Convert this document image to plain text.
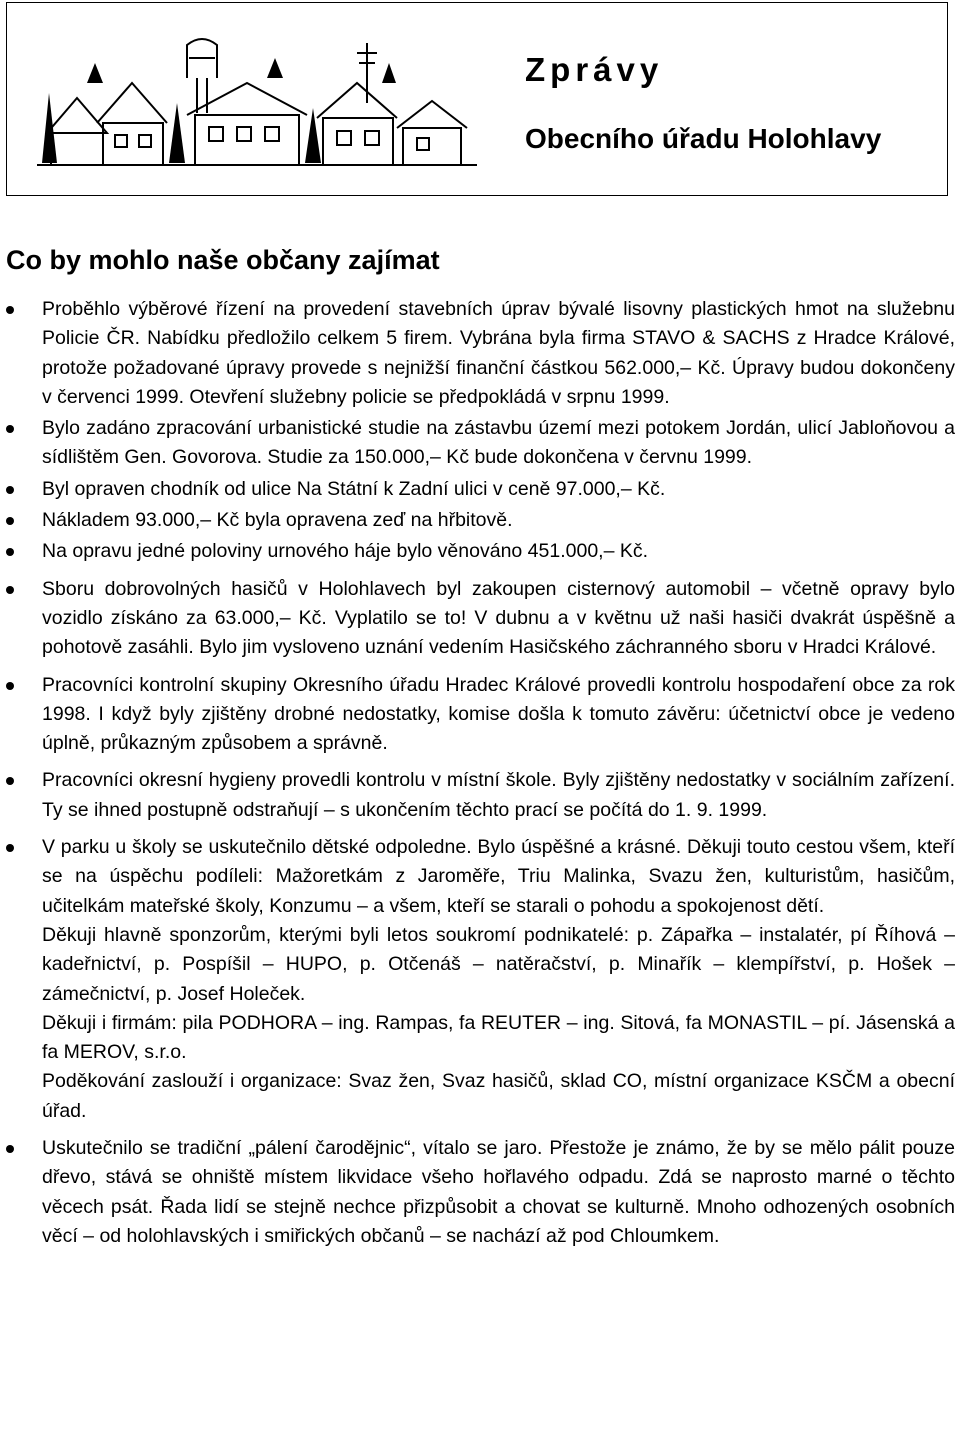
Zprávy
Obecního úřadu Holohlavy
Co by mohlo naše občany zajímat

Proběhlo výběrové řízení na provedení stavebních úprav bývalé lisovny plastických hmot na služebnu Policie ČR. Nabídku předložilo celkem 5 firem. Vybrána byla firma STAVO & SACHS z Hradce Králové, protože požadované úpravy provede s nejnižší finanční částkou 562.000,– Kč. Úpravy budou dokončeny v červenci 1999. Otevření služebny policie se předpokládá v srpnu 1999.

Bylo zadáno zpracování urbanistické studie na zástavbu území mezi potokem Jordán, ulicí Jabloňovou a sídlištěm Gen. Govorova. Studie za 150.000,– Kč bude dokončena v červnu 1999.

Byl opraven chodník od ulice Na Státní k Zadní ulici v ceně 97.000,– Kč.

Nákladem 93.000,– Kč byla opravena zeď na hřbitově.

Na opravu jedné poloviny urnového háje bylo věnováno 451.000,– Kč.

Sboru dobrovolných hasičů v Holohlavech byl zakoupen cisternový automobil – včetně opravy bylo vozidlo získáno za 63.000,– Kč. Vyplatilo se to! V dubnu a v květnu už naši hasiči dvakrát úspěšně a pohotově zasáhli. Bylo jim vysloveno uznání vedením Hasičského záchranného sboru v Hradci Králové.

Pracovníci kontrolní skupiny Okresního úřadu Hradec Králové provedli kontrolu hospodaření obce za rok 1998. I když byly zjištěny drobné nedostatky, komise došla k tomuto závěru: účetnictví obce je vedeno úplně, průkazným způsobem a správně.

Pracovníci okresní hygieny provedli kontrolu v místní škole. Byly zjištěny nedostatky v sociálním zařízení. Ty se ihned postupně odstraňují – s ukončením těchto prací se počítá do 1. 9. 1999.

V parku u školy se uskutečnilo dětské odpoledne. Bylo úspěšné a krásné. Děkuji touto cestou všem, kteří se na úspěchu podíleli: Mažoretkám z Jaroměře, Triu Malinka, Svazu žen, kulturistům, hasičům, učitelkám mateřské školy, Konzumu – a všem, kteří se starali o pohodu a spokojenost dětí.

Děkuji hlavně sponzorům, kterými byli letos soukromí podnikatelé: p. Zápařka – instalatér, pí Říhová – kadeřnictví, p. Pospíšil – HUPO, p. Otčenáš – natěračství, p. Minařík – klempířství, p. Hošek – zámečnictví, p. Josef Holeček.

Děkuji i firmám: pila PODHORA – ing. Rampas, fa REUTER – ing. Sitová, fa MONASTIL – pí. Jásenská a fa MEROV, s.r.o.

Poděkování zaslouží i organizace: Svaz žen, Svaz hasičů, sklad CO, místní organizace KSČM a obecní úřad.

Uskutečnilo se tradiční „pálení čarodějnic“, vítalo se jaro. Přestože je známo, že by se mělo pálit pouze dřevo, stává se ohniště místem likvidace všeho hořlavého odpadu. Zdá se naprosto marné o těchto věcech psát. Řada lidí se stejně nechce přizpůsobit a chovat se kulturně. Mnoho odhozených osobních věcí – od holohlavských i smiřických občanů – se nachází až pod Chloumkem.
